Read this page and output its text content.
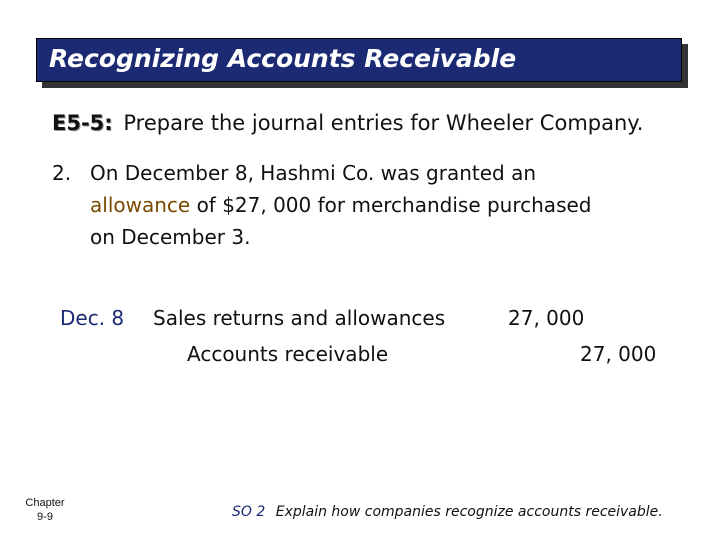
Recognizing Accounts Receivable
E5-5: Prepare the journal entries for Wheeler Company.
2. On December 8, Hashmi Co. was granted an
allowance of $27, 000 for merchandise purchased
on December 3.
Dec. 8 Sales returns and allowances	27, 000
Accounts receivable	27, 000
Chapter
9-9	SO 2 Explain how companies recognize accounts receivable.
